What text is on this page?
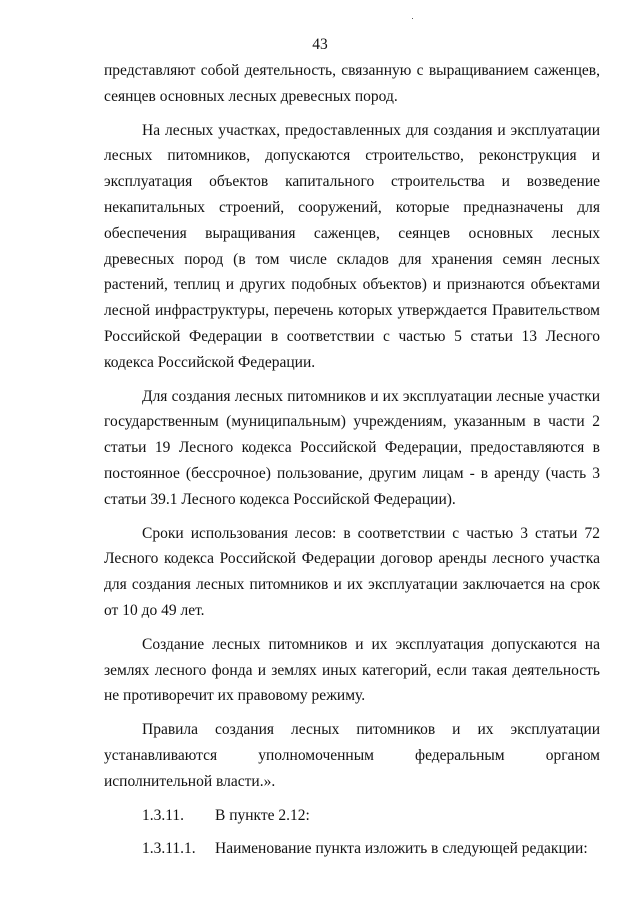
43

представляют собой деятельность, связанную с выращиванием саженцев, сеянцев основных лесных древесных пород.

На лесных участках, предоставленных для создания и эксплуатации лесных питомников, допускаются строительство, реконструкция и эксплуатация объектов капитального строительства и возведение некапитальных строений, сооружений, которые предназначены для обеспечения выращивания саженцев, сеянцев основных лесных древесных пород (в том числе складов для хранения семян лесных растений, теплиц и других подобных объектов) и признаются объектами лесной инфраструктуры, перечень которых утверждается Правительством Российской Федерации в соответствии с частью 5 статьи 13 Лесного кодекса Российской Федерации.

Для создания лесных питомников и их эксплуатации лесные участки государственным (муниципальным) учреждениям, указанным в части 2 статьи 19 Лесного кодекса Российской Федерации, предоставляются в постоянное (бессрочное) пользование, другим лицам - в аренду (часть 3 статьи 39.1 Лесного кодекса Российской Федерации).

Сроки использования лесов: в соответствии с частью 3 статьи 72 Лесного кодекса Российской Федерации договор аренды лесного участка для создания лесных питомников и их эксплуатации заключается на срок от 10 до 49 лет.

Создание лесных питомников и их эксплуатация допускаются на землях лесного фонда и землях иных категорий, если такая деятельность не противоречит их правовому режиму.

Правила создания лесных питомников и их эксплуатации устанавливаются уполномоченным федеральным органом исполнительной власти.».

1.3.11.	В пункте 2.12:
1.3.11.1.	Наименование пункта изложить в следующей редакции:
